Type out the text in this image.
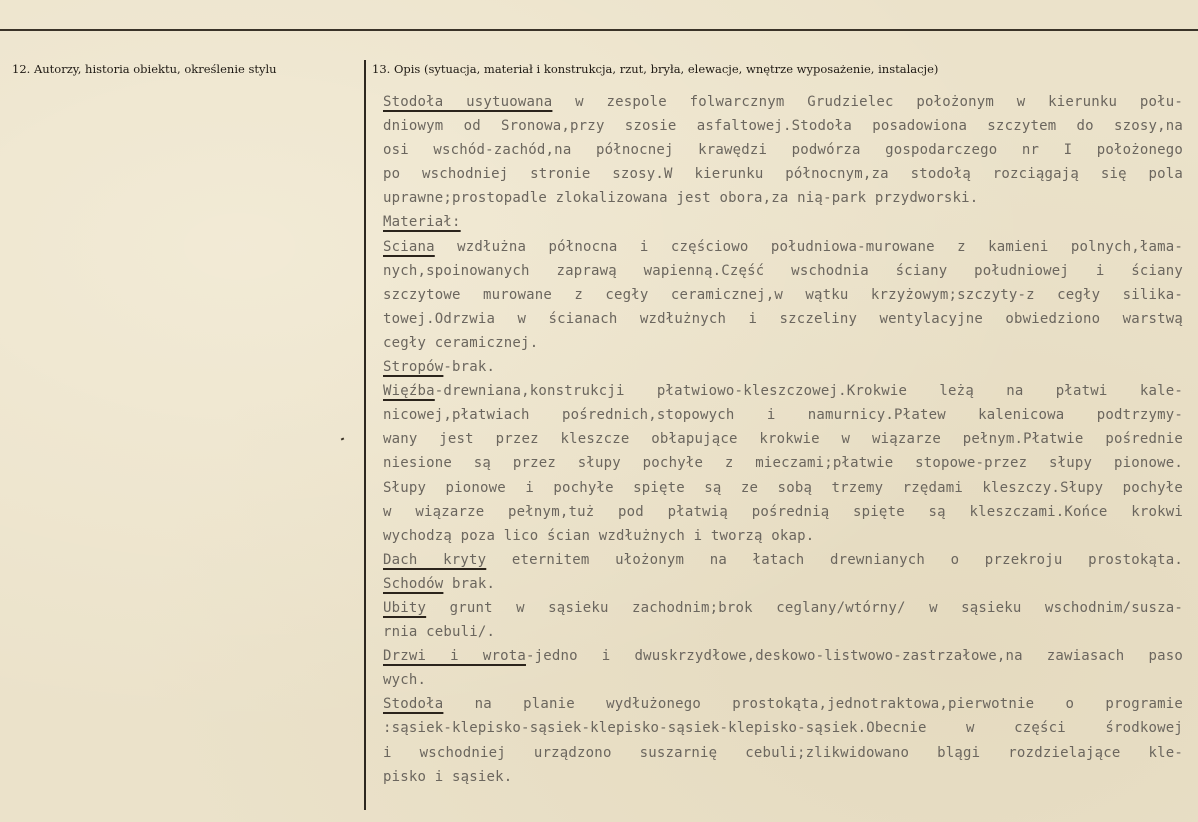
12. Autorzy, historia obiektu, określenie stylu	13. Opis (sytuacja, materiał i konstrukcja, rzut, bryła, elewacje, wnętrze wyposażenie, instalacje)
Stodoła usytuowana w zespole folwarcznym Grudzielec położonym w kierunku połu-
dniowym od Sronowa,przy szosie asfaltowej.Stodoła posadowiona szczytem do szosy,na
osi wschód-zachód,na północnej krawędzi podwórza gospodarczego nr I położonego
po wschodniej stronie szosy.W kierunku północnym,za stodołą rozciągają się pola
uprawne;prostopadle zlokalizowana jest obora,za nią-park przydworski.
Materiał:
Sciana wzdłużna północna i częściowo południowa-murowane z kamieni polnych,łama-
nych,spoinowanych zaprawą wapienną.Część wschodnia ściany południowej i ściany
szczytowe murowane z cegły ceramicznej,w wątku krzyżowym;szczyty-z cegły silika-
towej.Odrzwia w ścianach wzdłużnych i szczeliny wentylacyjne obwiedziono warstwą
cegły ceramicznej.
Stropów-brak.
Więźba-drewniana,konstrukcji płatwiowo-kleszczowej.Krokwie leżą na płatwi kale-
nicowej,płatwiach pośrednich,stopowych i namurnicy.Płatew kalenicowa podtrzymy-
wany jest przez kleszcze obłapujące krokwie w wiązarze pełnym.Płatwie pośrednie
niesione są przez słupy pochyłe z mieczami;płatwie stopowe-przez słupy pionowe.
Słupy pionowe i pochyłe spięte są ze sobą trzemy rzędami kleszczy.Słupy pochyłe
w wiązarze pełnym,tuż pod płatwią pośrednią spięte są kleszczami.Końce krokwi
wychodzą poza lico ścian wzdłużnych i tworzą okap.
Dach kryty eternitem ułożonym na łatach drewnianych o przekroju prostokąta.
Schodów brak.
Ubity grunt w sąsieku zachodnim;brok ceglany/wtórny/ w sąsieku wschodnim/susza-
rnia cebuli/.
Drzwi i wrota-jedno i dwuskrzydłowe,deskowo-listwowo-zastrzałowe,na zawiasach paso
wych.
Stodoła na planie wydłużonego prostokąta,jednotraktowa,pierwotnie o programie
:sąsiek-klepisko-sąsiek-klepisko-sąsiek-klepisko-sąsiek.Obecnie w części środkowej
i wschodniej urządzono suszarnię cebuli;zlikwidowano blągi rozdzielające kle-
pisko i sąsiek.
